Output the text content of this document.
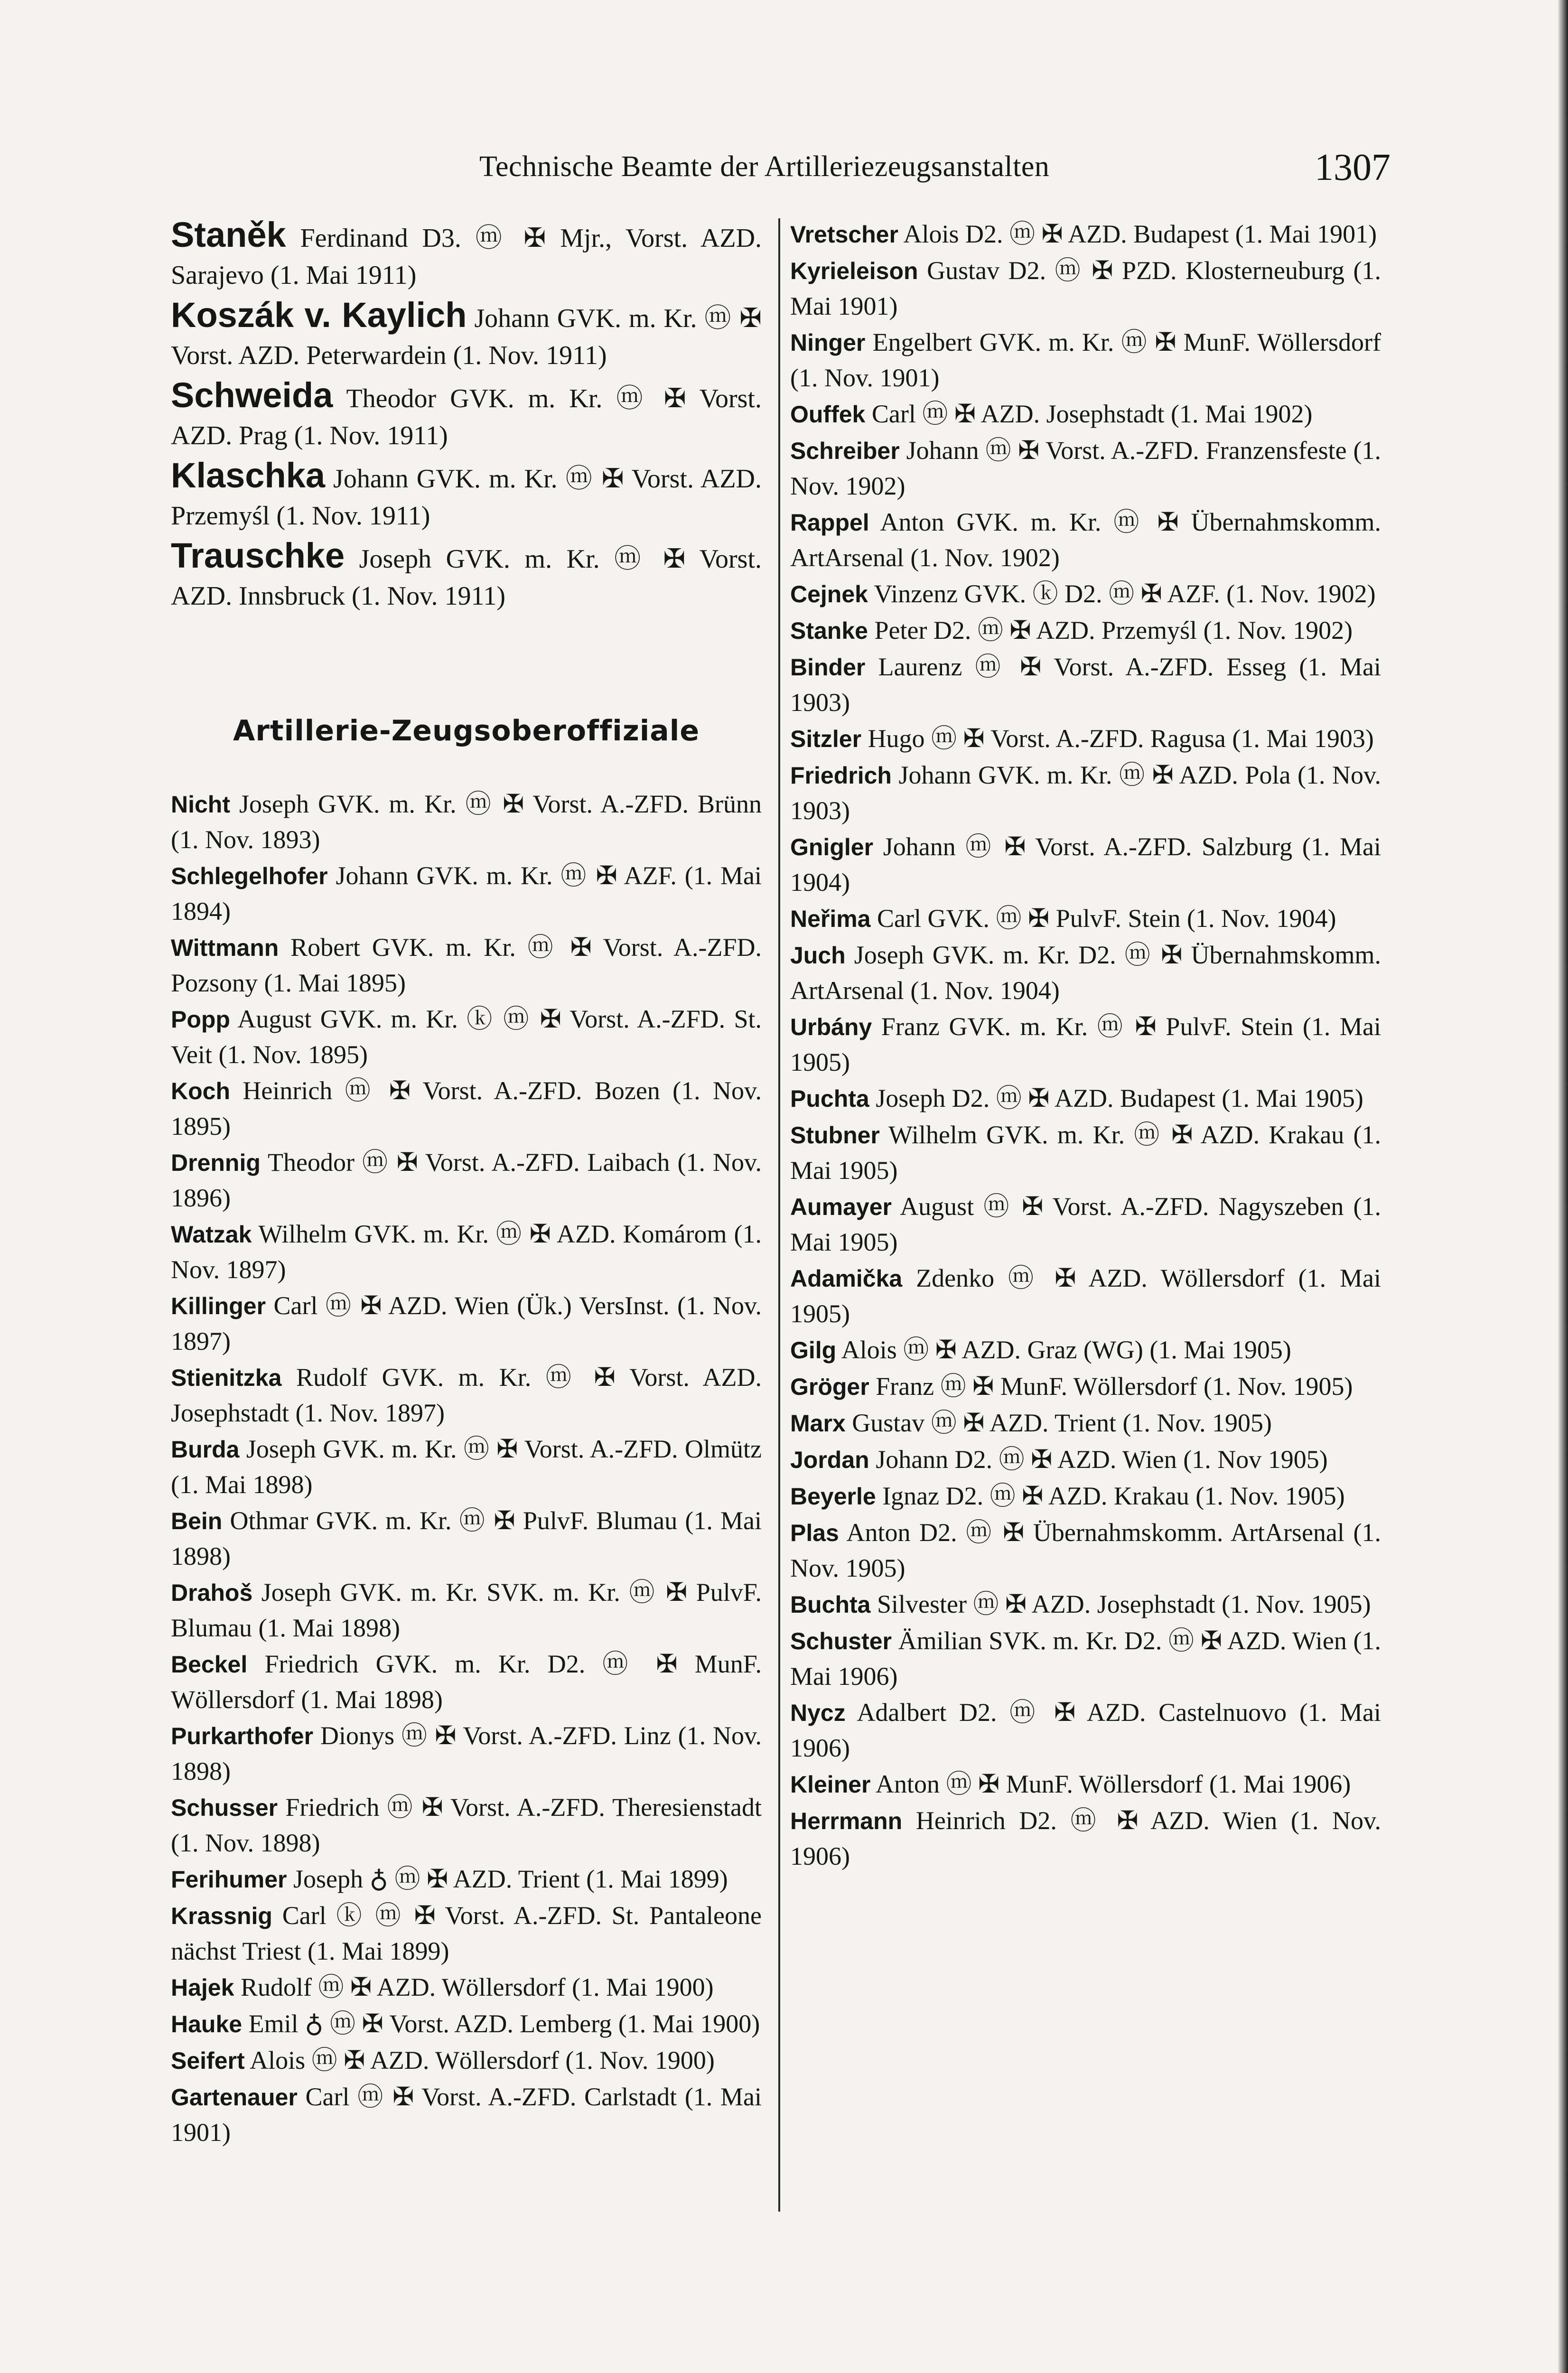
Technische Beamte der Artilleriezeugsanstalten	1307
Staněk Ferdinand D3. ⓜ ✠ Mjr., Vorst. AZD. Sarajevo (1. Mai 1911)
Koszák v. Kaylich Johann GVK. m. Kr. ⓜ ✠ Vorst. AZD. Peterwardein (1. Nov. 1911)
Schweida Theodor GVK. m. Kr. ⓜ ✠ Vorst. AZD. Prag (1. Nov. 1911)
Klaschka Johann GVK. m. Kr. ⓜ ✠ Vorst. AZD. Przemyśl (1. Nov. 1911)
Trauschke Joseph GVK. m. Kr. ⓜ ✠ Vorst. AZD. Innsbruck (1. Nov. 1911)
Artillerie-Zeugsoberoffiziale
Nicht Joseph GVK. m. Kr. ⓜ ✠ Vorst. A.-ZFD. Brünn (1. Nov. 1893)
Schlegelhofer Johann GVK. m. Kr. ⓜ ✠ AZF. (1. Mai 1894)
Wittmann Robert GVK. m. Kr. ⓜ ✠ Vorst. A.-ZFD. Pozsony (1. Mai 1895)
Popp August GVK. m. Kr. ⓚ ⓜ ✠ Vorst. A.-ZFD. St. Veit (1. Nov. 1895)
Koch Heinrich ⓜ ✠ Vorst. A.-ZFD. Bozen (1. Nov. 1895)
Drennig Theodor ⓜ ✠ Vorst. A.-ZFD. Laibach (1. Nov. 1896)
Watzak Wilhelm GVK. m. Kr. ⓜ ✠ AZD. Komárom (1. Nov. 1897)
Killinger Carl ⓜ ✠ AZD. Wien (Ük.) VersInst. (1. Nov. 1897)
Stienitzka Rudolf GVK. m. Kr. ⓜ ✠ Vorst. AZD. Josephstadt (1. Nov. 1897)
Burda Joseph GVK. m. Kr. ⓜ ✠ Vorst. A.-ZFD. Olmütz (1. Mai 1898)
Bein Othmar GVK. m. Kr. ⓜ ✠ PulvF. Blumau (1. Mai 1898)
Drahoš Joseph GVK. m. Kr. SVK. m. Kr. ⓜ ✠ PulvF. Blumau (1. Mai 1898)
Beckel Friedrich GVK. m. Kr. D2. ⓜ ✠ MunF. Wöllersdorf (1. Mai 1898)
Purkarthofer Dionys ⓜ ✠ Vorst. A.-ZFD. Linz (1. Nov. 1898)
Schusser Friedrich ⓜ ✠ Vorst. A.-ZFD. Theresienstadt (1. Nov. 1898)
Ferihumer Joseph ♁ ⓜ ✠ AZD. Trient (1. Mai 1899)
Krassnig Carl ⓚ ⓜ ✠ Vorst. A.-ZFD. St. Pantaleone nächst Triest (1. Mai 1899)
Hajek Rudolf ⓜ ✠ AZD. Wöllersdorf (1. Mai 1900)
Hauke Emil ♁ ⓜ ✠ Vorst. AZD. Lemberg (1. Mai 1900)
Seifert Alois ⓜ ✠ AZD. Wöllersdorf (1. Nov. 1900)
Gartenauer Carl ⓜ ✠ Vorst. A.-ZFD. Carlstadt (1. Mai 1901)
Vretscher Alois D2. ⓜ ✠ AZD. Budapest (1. Mai 1901)
Kyrieleison Gustav D2. ⓜ ✠ PZD. Klosterneuburg (1. Mai 1901)
Ninger Engelbert GVK. m. Kr. ⓜ ✠ MunF. Wöllersdorf (1. Nov. 1901)
Ouffek Carl ⓜ ✠ AZD. Josephstadt (1. Mai 1902)
Schreiber Johann ⓜ ✠ Vorst. A.-ZFD. Franzensfeste (1. Nov. 1902)
Rappel Anton GVK. m. Kr. ⓜ ✠ Übernahmskomm. ArtArsenal (1. Nov. 1902)
Cejnek Vinzenz GVK. ⓚ D2. ⓜ ✠ AZF. (1. Nov. 1902)
Stanke Peter D2. ⓜ ✠ AZD. Przemyśl (1. Nov. 1902)
Binder Laurenz ⓜ ✠ Vorst. A.-ZFD. Esseg (1. Mai 1903)
Sitzler Hugo ⓜ ✠ Vorst. A.-ZFD. Ragusa (1. Mai 1903)
Friedrich Johann GVK. m. Kr. ⓜ ✠ AZD. Pola (1. Nov. 1903)
Gnigler Johann ⓜ ✠ Vorst. A.-ZFD. Salzburg (1. Mai 1904)
Neřima Carl GVK. ⓜ ✠ PulvF. Stein (1. Nov. 1904)
Juch Joseph GVK. m. Kr. D2. ⓜ ✠ Übernahmskomm. ArtArsenal (1. Nov. 1904)
Urbány Franz GVK. m. Kr. ⓜ ✠ PulvF. Stein (1. Mai 1905)
Puchta Joseph D2. ⓜ ✠ AZD. Budapest (1. Mai 1905)
Stubner Wilhelm GVK. m. Kr. ⓜ ✠ AZD. Krakau (1. Mai 1905)
Aumayer August ⓜ ✠ Vorst. A.-ZFD. Nagyszeben (1. Mai 1905)
Adamička Zdenko ⓜ ✠ AZD. Wöllersdorf (1. Mai 1905)
Gilg Alois ⓜ ✠ AZD. Graz (WG) (1. Mai 1905)
Gröger Franz ⓜ ✠ MunF. Wöllersdorf (1. Nov. 1905)
Marx Gustav ⓜ ✠ AZD. Trient (1. Nov. 1905)
Jordan Johann D2. ⓜ ✠ AZD. Wien (1. Nov 1905)
Beyerle Ignaz D2. ⓜ ✠ AZD. Krakau (1. Nov. 1905)
Plas Anton D2. ⓜ ✠ Übernahmskomm. ArtArsenal (1. Nov. 1905)
Buchta Silvester ⓜ ✠ AZD. Josephstadt (1. Nov. 1905)
Schuster Ämilian SVK. m. Kr. D2. ⓜ ✠ AZD. Wien (1. Mai 1906)
Nycz Adalbert D2. ⓜ ✠ AZD. Castelnuovo (1. Mai 1906)
Kleiner Anton ⓜ ✠ MunF. Wöllersdorf (1. Mai 1906)
Herrmann Heinrich D2. ⓜ ✠ AZD. Wien (1. Nov. 1906)
